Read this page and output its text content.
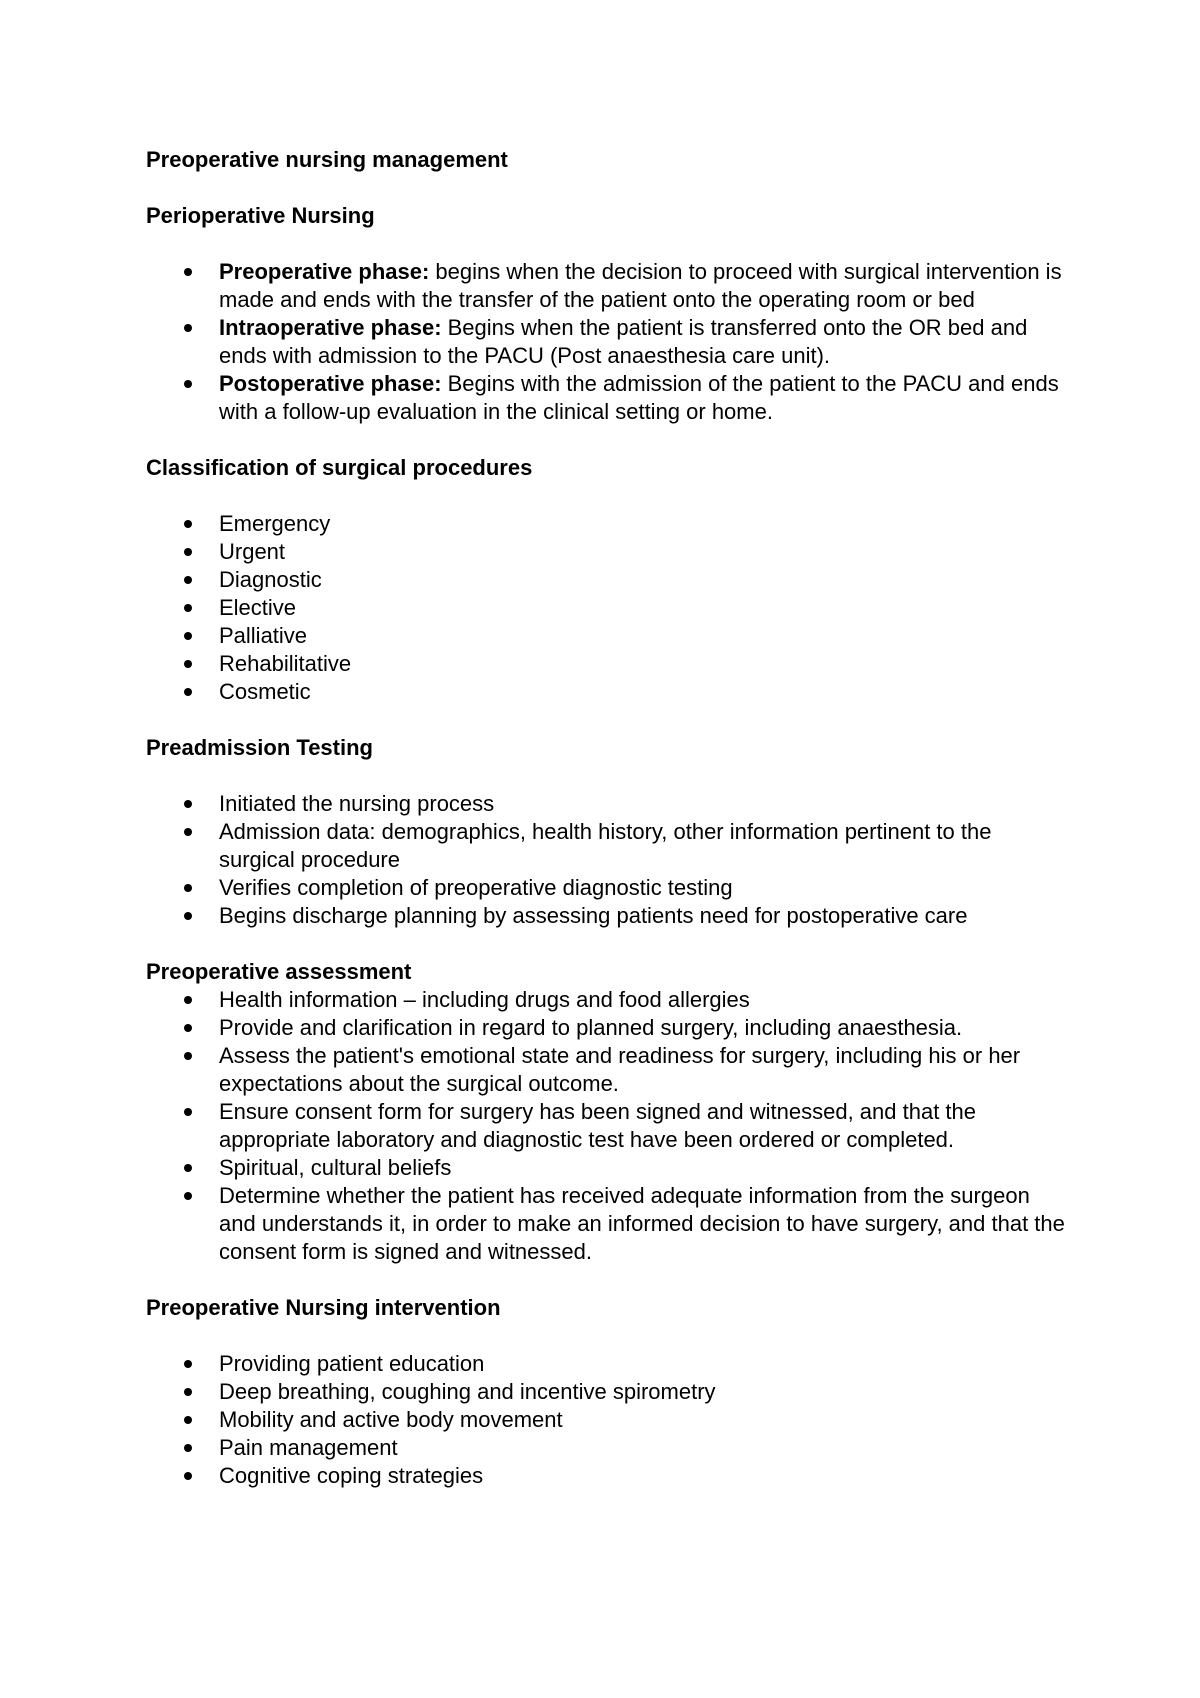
Preoperative nursing management

Perioperative Nursing

Preoperative phase: begins when the decision to proceed with surgical intervention is made and ends with the transfer of the patient onto the operating room or bed
Intraoperative phase: Begins when the patient is transferred onto the OR bed and ends with admission to the PACU (Post anaesthesia care unit).
Postoperative phase: Begins with the admission of the patient to the PACU and ends with a follow-up evaluation in the clinical setting or home.

Classification of surgical procedures

Emergency
Urgent
Diagnostic
Elective
Palliative
Rehabilitative
Cosmetic

Preadmission Testing

Initiated the nursing process
Admission data: demographics, health history, other information pertinent to the surgical procedure
Verifies completion of preoperative diagnostic testing
Begins discharge planning by assessing patients need for postoperative care

Preoperative assessment

Health information – including drugs and food allergies
Provide and clarification in regard to planned surgery, including anaesthesia.
Assess the patient's emotional state and readiness for surgery, including his or her expectations about the surgical outcome.
Ensure consent form for surgery has been signed and witnessed, and that the appropriate laboratory and diagnostic test have been ordered or completed.
Spiritual, cultural beliefs
Determine whether the patient has received adequate information from the surgeon and understands it, in order to make an informed decision to have surgery, and that the consent form is signed and witnessed.

Preoperative Nursing intervention

Providing patient education
Deep breathing, coughing and incentive spirometry
Mobility and active body movement
Pain management
Cognitive coping strategies
